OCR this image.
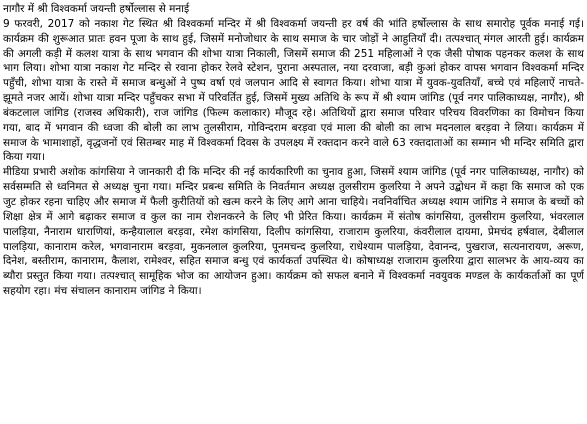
नागौर में श्री विश्वकर्मा जयन्ती हर्षोल्लास से मनाई

9 फरवरी, 2017 को नकाश गेट स्थित श्री विश्वकर्मा मन्दिर में श्री विश्वकर्मा जयन्ती हर वर्ष की भांति हर्षोल्लास के साथ समारोह पूर्वक मनाई गई। कार्यक्रम की शुरूआत प्रातः हवन पूजा के साथ हुई, जिसमें मनोजोधार के साथ समाज के चार जोड़ों ने आहुतियाँ दी। तत्पश्चात् मंगल आरती हुई। कार्यक्रम की अगली कड़ी में कलश यात्रा के साथ भगवान की शोभा यात्रा निकाली, जिसमें समाज की 251 महिलाओं ने एक जैसी पोषाक पहनकर कलश के साथ भाग लिया। शोभा यात्रा नकाश गेट मन्दिर से रवाना होकर रेलवे स्टेशन, पुराना अस्पताल, नया दरवाजा, बड़ी कुआं होकर वापस भगवान विश्वकर्मा मन्दिर पहुँची, शोभा यात्रा के रास्ते में समाज बन्धुओं ने पुष्प वर्षा एवं जलपान आदि से स्वागत किया। शोभा यात्रा में युवक-युवतियाँ, बच्चे एवं महिलाऐं नाचते-झूमते नजर आयें। शोभा यात्रा मन्दिर पहुँचकर सभा में परिवर्तित हुई, जिसमें मुख्य अतिथि के रूप में श्री श्याम जांगिड (पूर्व नगर पालिकाध्यक्ष, नागौर), श्री बंकटलाल जांगिड (राजस्व अधिकारी), राज जांगिड (फिल्म कलाकार) मौजूद रहे। अतिथियों द्वारा समाज परिवार परिचय विवरणिका का विमोचन किया गया, बाद में भगवान की ध्वजा की बोली का लाभ तुलसीराम, गोविन्दराम बरड़वा एवं माला की बोली का लाभ मदनलाल बरड़वा ने लिया। कार्यक्रम में समाज के भामाशाहों, वृद्धजनों एवं सितम्बर माह में विश्वकर्मा दिवस के उपलक्ष्य में रक्तदान करने वाले 63 रक्तदाताओं का सम्मान भी मन्दिर समिति द्वारा किया गया।

मीडिया प्रभारी अशोक कांगसिया ने जानकारी दी कि मन्दिर की नई कार्यकारिणी का चुनाव हुआ, जिसमें श्याम जांगिड (पूर्व नगर पालिकाध्यक्ष, नागौर) को सर्वसम्मति से ध्वनिमत से अध्यक्ष चुना गया। मन्दिर प्रबन्ध समिति के निवर्तमान अध्यक्ष तुलसीराम कुलरिया ने अपने उद्बोधन में कहा कि समाज को एक जुट होकर रहना चाहिए और समाज में फैली कुरीतियों को खत्म करने के लिए आगे आना चाहिये। नवनिर्वाचित अध्यक्ष श्याम जांगिड ने समाज के बच्चों को शिक्षा क्षेत्र में आगे बढ़ाकर समाज व कुल का नाम रोशनकरने के लिए भी प्रेरित किया। कार्यक्रम में संतोष कांगसिया, तुलसीराम कुलरिया, भंवरलाल पालड़िया, नैनाराम धाराणियां, कन्हैयालाल बरड़वा, रमेश कांगसिया, दिलीप कांगसिया, राजाराम कुलरिया, कंवरीलाल दायमा, प्रेमचंद हर्षवाल, देबीलाल पालड़िया, कानाराम करेल, भगवानाराम बरड़वा, मुकनलाल कुलरिया, पूनमचन्द कुलरिया, राधेश्याम पालड़िया, देवानन्द, पुखराज, सत्यनारायण, अरूण, दिनेश, बस्तीराम, कानाराम, कैलाश, रामेश्वर, सहित समाज बन्धु एवं कार्यकर्ता उपस्थित थे। कोषाध्यक्ष राजाराम कुलरिया द्वारा सालभर के आय-व्यय का ब्यौरा प्रस्तुत किया गया। तत्पश्चात् सामूहिक भोज का आयोजन हुआ। कार्यक्रम को सफल बनाने में विश्वकर्मा नवयुवक मण्डल के कार्यकर्ताओं का पूर्ण सहयोग रहा। मंच संचालन कानाराम जांगिड ने किया।
